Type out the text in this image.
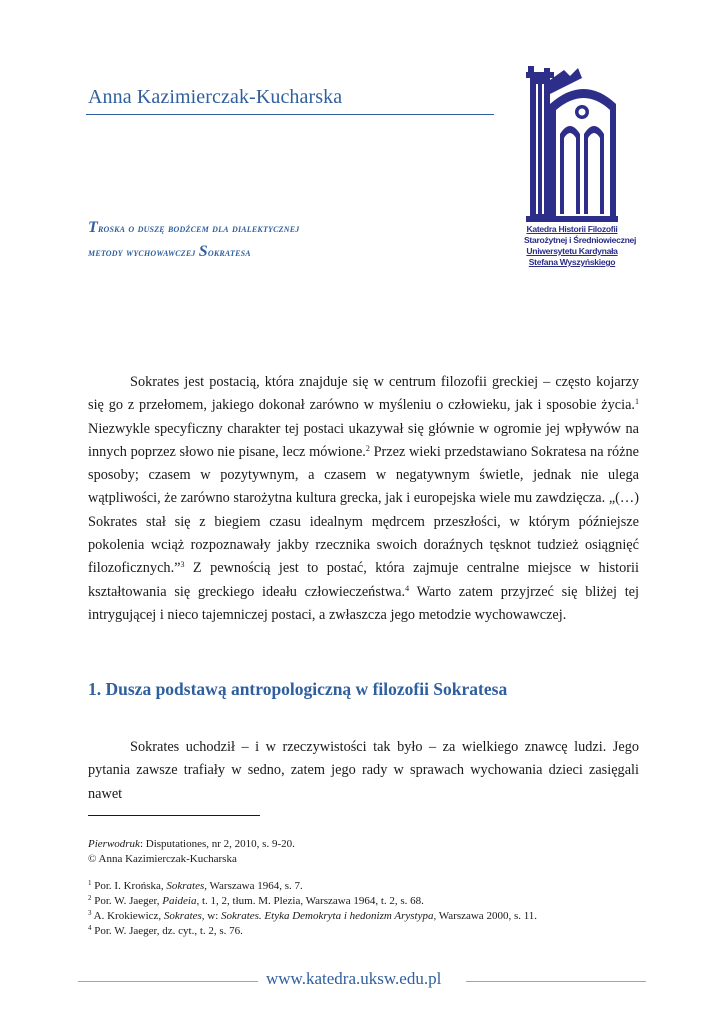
Anna Kazimierczak-Kucharska
Katedra Historii Filozofii
Starożytnej i Średniowiecznej
Uniwersytetu Kardynała
Stefana Wyszyńskiego
Troska o duszę bodźcem dla dialektycznej
metody wychowawczej Sokratesa
Sokrates jest postacią, która znajduje się w centrum filozofii greckiej – często kojarzy się go z przełomem, jakiego dokonał zarówno w myśleniu o człowieku, jak i sposobie życia.$^1$ Niezwykle specyficzny charakter tej postaci ukazywał się głównie w ogromie jej wpływów na innych poprzez słowo nie pisane, lecz mówione.$^2$ Przez wieki przedstawiano Sokratesa na różne sposoby; czasem w pozytywnym, a czasem w negatywnym świetle, jednak nie ulega wątpliwości, że zarówno starożytna kultura grecka, jak i europejska wiele mu zawdzięcza. „(…) Sokrates stał się z biegiem czasu idealnym mędrcem przeszłości, w którym późniejsze pokolenia wciąż rozpoznawały jakby rzecznika swoich doraźnych tęsknot tudzież osiągnięć filozoficznych.”$^3$ Z pewnością jest to postać, która zajmuje centralne miejsce w historii kształtowania się greckiego ideału człowieczeństwa.$^4$ Warto zatem przyjrzeć się bliżej tej intrygującej i nieco tajemniczej postaci, a zwłaszcza jego metodzie wychowawczej.
1. Dusza podstawą antropologiczną w filozofii Sokratesa
Sokrates uchodził – i w rzeczywistości tak było – za wielkiego znawcę ludzi. Jego pytania zawsze trafiały w sedno, zatem jego rady w sprawach wychowania dzieci zasięgali nawet
Pierwodruk: Disputationes, nr 2, 2010, s. 9-20.
© Anna Kazimierczak-Kucharska
$^1$ Por. I. Krońska, Sokrates, Warszawa 1964, s. 7.
$^2$ Por. W. Jaeger, Paideia, t. 1, 2, tłum. M. Plezia, Warszawa 1964, t. 2, s. 68.
$^3$ A. Krokiewicz, Sokrates, w: Sokrates. Etyka Demokryta i hedonizm Arystypa, Warszawa 2000, s. 11.
$^4$ Por. W. Jaeger, dz. cyt., t. 2, s. 76.
www.katedra.uksw.edu.pl
